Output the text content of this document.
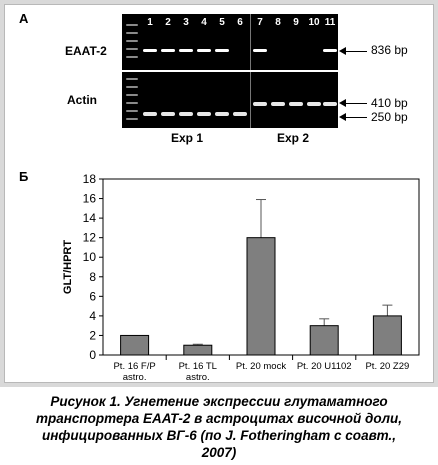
А
EAAT-2
Actin
1	2	3	4	5	6	7	8	9 10 11
836 bp
410 bp
250 bp
Exp 1	Exp 2
Б
0
2
4
6
8
10
12
14
16
18
GLT/HPRT
Pt. 16 F/P
astro.
Pt. 16 TL
astro.
Pt. 20 mock Pt. 20 U1102 Pt. 20 Z29
Рисунок 1. Угнетение экспрессии глутаматного
транспортера ЕААТ-2 в астроцитах височной доли,
инфицированных ВГ-6 (по J. Fotheringham с соавт.,
2007)
